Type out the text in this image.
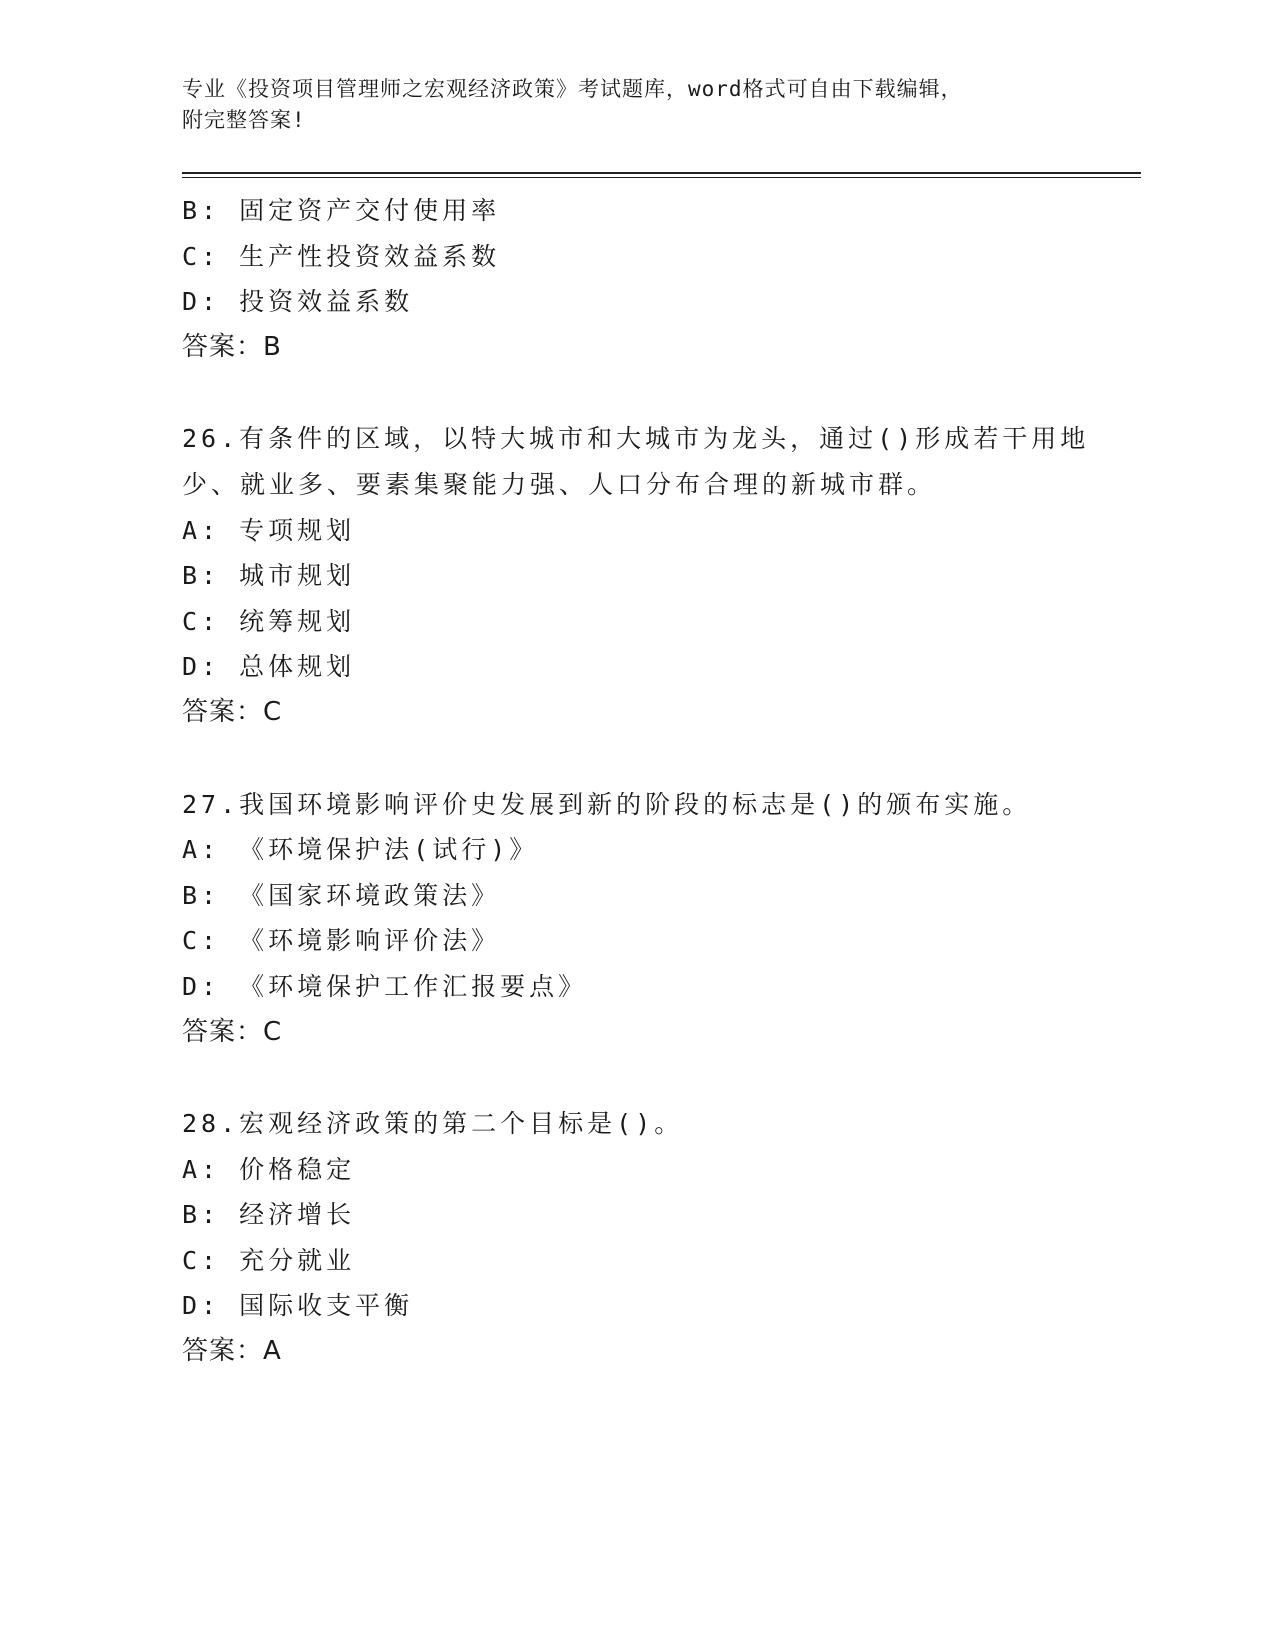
专业《投资项目管理师之宏观经济政策》考试题库，word格式可自由下载编辑，
附完整答案!
B: 固定资产交付使用率
C: 生产性投资效益系数
D: 投资效益系数
答案：B
26.有条件的区域，以特大城市和大城市为龙头，通过()形成若干用地
少、就业多、要素集聚能力强、人口分布合理的新城市群。
A: 专项规划
B: 城市规划
C: 统筹规划
D: 总体规划
答案：C
27.我国环境影响评价史发展到新的阶段的标志是()的颁布实施。
A: 《环境保护法(试行)》
B: 《国家环境政策法》
C: 《环境影响评价法》
D: 《环境保护工作汇报要点》
答案：C
28.宏观经济政策的第二个目标是()。
A: 价格稳定
B: 经济增长
C: 充分就业
D: 国际收支平衡
答案：A
